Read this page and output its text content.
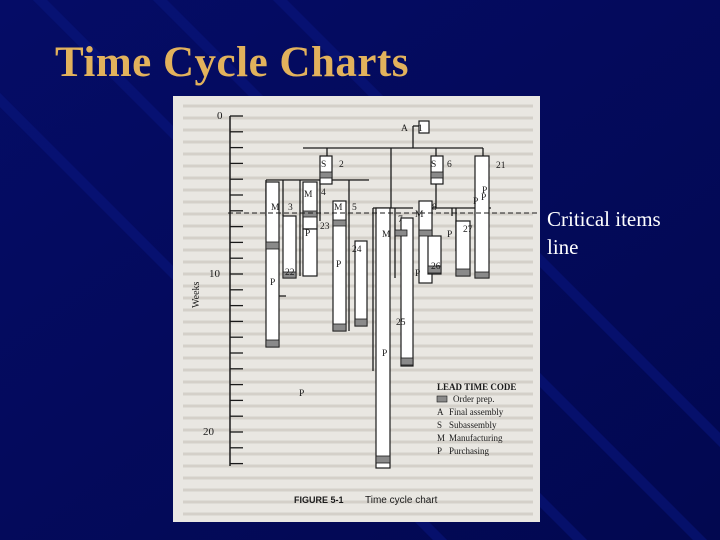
Time Cycle Charts
0
10
20
Weeks
A 1
S 2	S 6	21
P
M 4
M 3	M 5	8
M
7
P 27
23
P
24
P	26
P
P
22
P
M
P
25
P
P
LEAD TIME CODE
Order prep.
A Final assembly
S Subassembly
M Manufacturing
P Purchasing
FIGURE 5-1 Time cycle chart
Critical items
line
